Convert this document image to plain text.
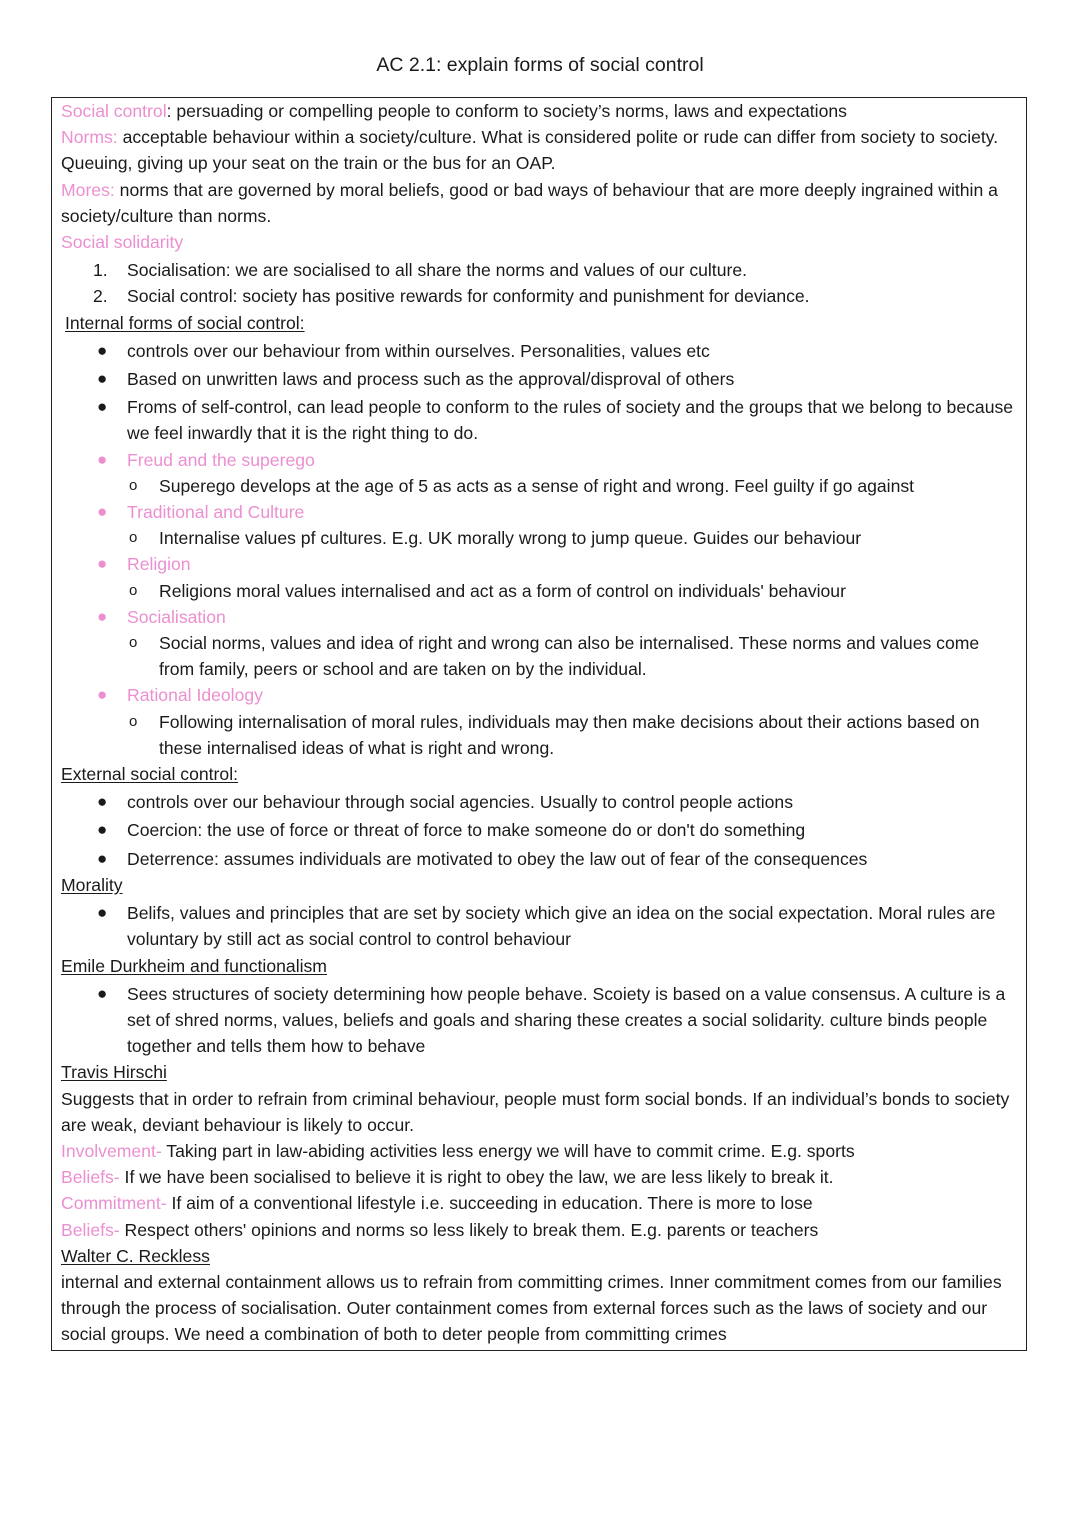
AC 2.1: explain forms of social control
Social control: persuading or compelling people to conform to society’s norms, laws and expectations
Norms: acceptable behaviour within a society/culture. What is considered polite or rude can differ from society to society. Queuing, giving up your seat on the train or the bus for an OAP.
Mores: norms that are governed by moral beliefs, good or bad ways of behaviour that are more deeply ingrained within a society/culture than norms.
Social solidarity
1. Socialisation: we are socialised to all share the norms and values of our culture.
2. Social control: society has positive rewards for conformity and punishment for deviance.
Internal forms of social control:
● controls over our behaviour from within ourselves. Personalities, values etc
● Based on unwritten laws and process such as the approval/disproval of others
● Froms of self-control, can lead people to conform to the rules of society and the groups that we belong to because we feel inwardly that it is the right thing to do.
● Freud and the superego
o Superego develops at the age of 5 as acts as a sense of right and wrong. Feel guilty if go against
● Traditional and Culture
o Internalise values pf cultures. E.g. UK morally wrong to jump queue. Guides our behaviour
● Religion
o Religions moral values internalised and act as a form of control on individuals' behaviour
● Socialisation
o Social norms, values and idea of right and wrong can also be internalised. These norms and values come from family, peers or school and are taken on by the individual.
● Rational Ideology
o Following internalisation of moral rules, individuals may then make decisions about their actions based on these internalised ideas of what is right and wrong.
External social control:
● controls over our behaviour through social agencies. Usually to control people actions
● Coercion: the use of force or threat of force to make someone do or don't do something
● Deterrence: assumes individuals are motivated to obey the law out of fear of the consequences
Morality
● Belifs, values and principles that are set by society which give an idea on the social expectation. Moral rules are voluntary by still act as social control to control behaviour
Emile Durkheim and functionalism
● Sees structures of society determining how people behave. Scoiety is based on a value consensus. A culture is a set of shred norms, values, beliefs and goals and sharing these creates a social solidarity. culture binds people together and tells them how to behave
Travis Hirschi
Suggests that in order to refrain from criminal behaviour, people must form social bonds. If an individual’s bonds to society are weak, deviant behaviour is likely to occur.
Involvement- Taking part in law-abiding activities less energy we will have to commit crime. E.g. sports
Beliefs- If we have been socialised to believe it is right to obey the law, we are less likely to break it.
Commitment- If aim of a conventional lifestyle i.e. succeeding in education. There is more to lose
Beliefs- Respect others' opinions and norms so less likely to break them. E.g. parents or teachers
Walter C. Reckless
internal and external containment allows us to refrain from committing crimes. Inner commitment comes from our families through the process of socialisation. Outer containment comes from external forces such as the laws of society and our social groups. We need a combination of both to deter people from committing crimes
